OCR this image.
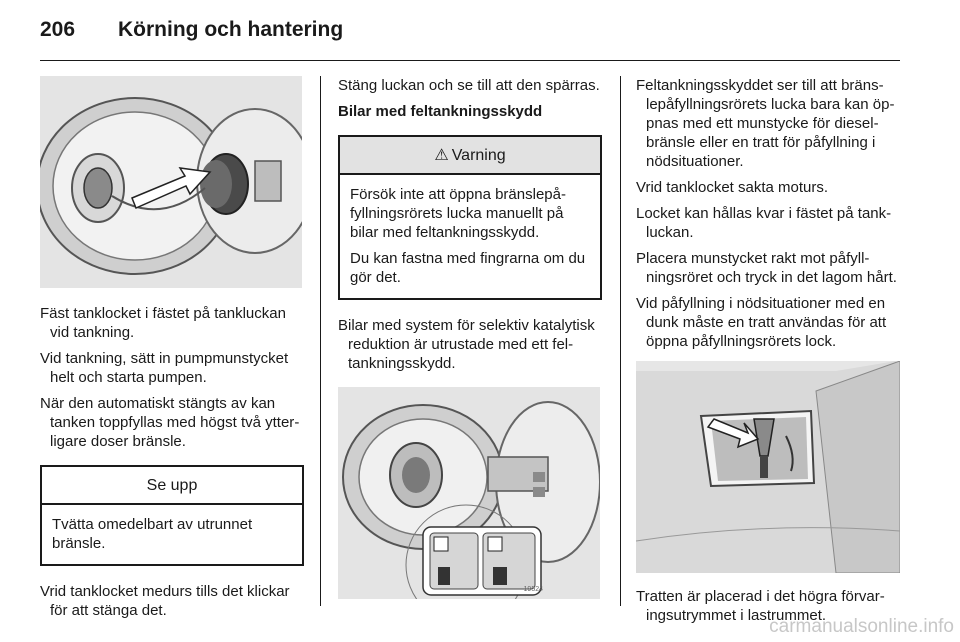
206 Körning och hantering

Fäst tanklocket i fästet på tankluckan vid tankning.

Vid tankning, sätt in pumpmunstycket helt och starta pumpen.

När den automatiskt stängts av kan tanken toppfyllas med högst två ytterligare doser bränsle.

Se upp

Tvätta omedelbart av utrunnet bränsle.

Vrid tanklocket medurs tills det klickar för att stänga det.

Stäng luckan och se till att den spärras.

Bilar med feltankningsskydd

⚠ Varning

Försök inte att öppna bränslepåfyllningsrörets lucka manuellt på bilar med feltankningsskydd.

Du kan fastna med fingrarna om du gör det.

Bilar med system för selektiv katalytisk reduktion är utrustade med ett feltankningsskydd.

19524

Feltankningsskyddet ser till att bränslepåfyllningsrörets lucka bara kan öppnas med ett munstycke för dieselbränsle eller en tratt för påfyllning i nödsituationer.

Vrid tanklocket sakta moturs.

Locket kan hållas kvar i fästet på tankluckan.

Placera munstycket rakt mot påfyllningsröret och tryck in det lagom hårt.

Vid påfyllning i nödsituationer med en dunk måste en tratt användas för att öppna påfyllningsrörets lock.

Tratten är placerad i det högra förvaringsutrymmet i lastrummet.

carmanualsonline.info
